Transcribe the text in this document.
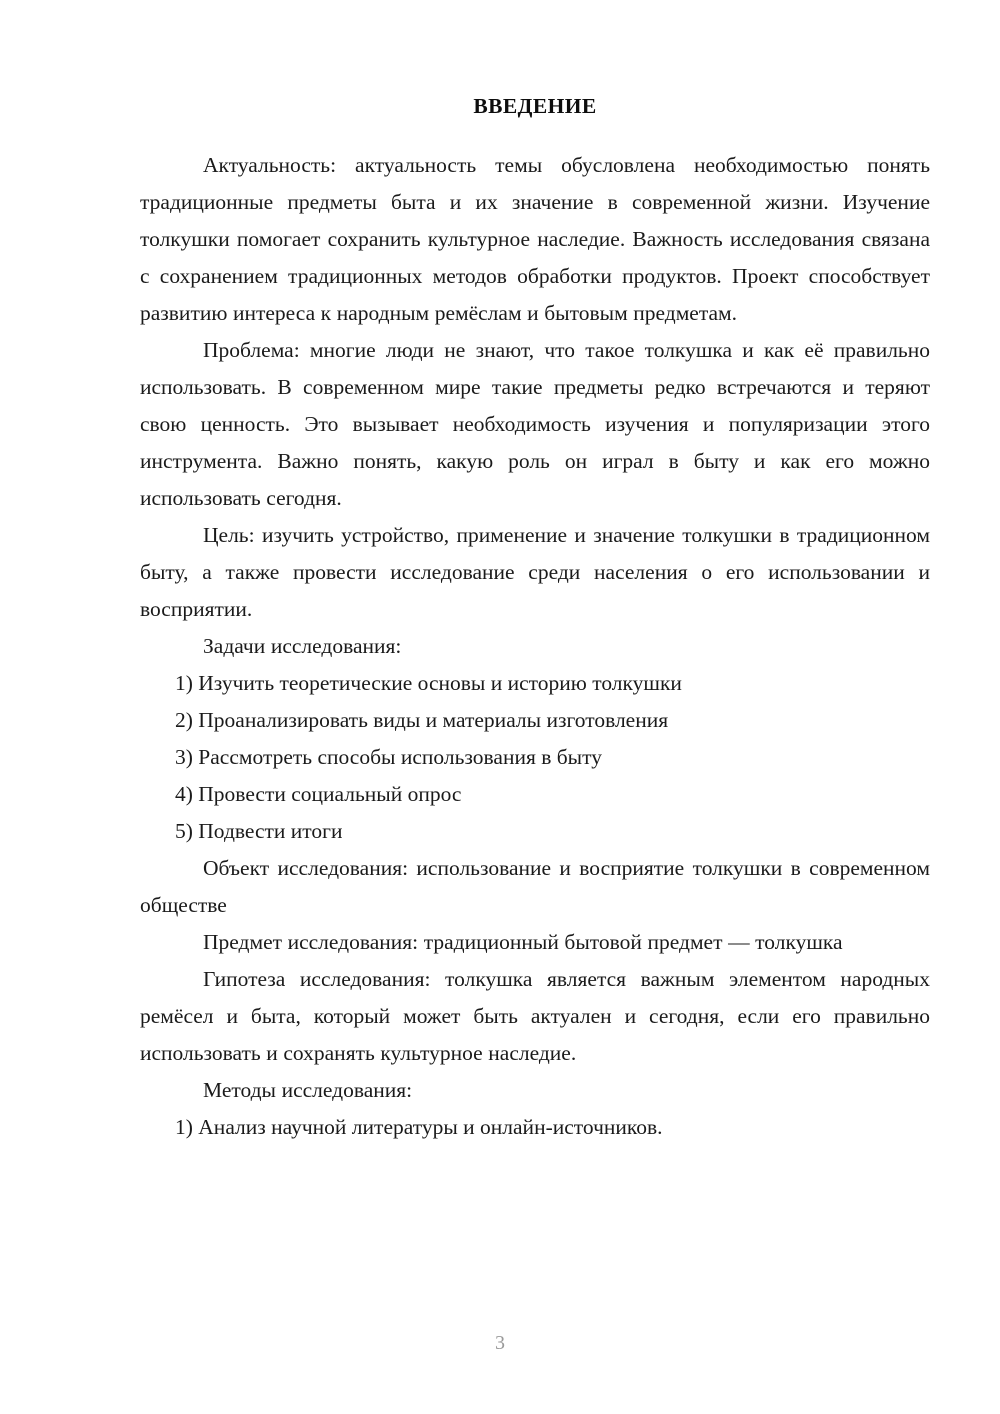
ВВЕДЕНИЕ

Актуальность: актуальность темы обусловлена необходимостью понять традиционные предметы быта и их значение в современной жизни. Изучение толкушки помогает сохранить культурное наследие. Важность исследования связана с сохранением традиционных методов обработки продуктов. Проект способствует развитию интереса к народным ремёслам и бытовым предметам.

Проблема: многие люди не знают, что такое толкушка и как её правильно использовать. В современном мире такие предметы редко встречаются и теряют свою ценность. Это вызывает необходимость изучения и популяризации этого инструмента. Важно понять, какую роль он играл в быту и как его можно использовать сегодня.

Цель: изучить устройство, применение и значение толкушки в традиционном быту, а также провести исследование среди населения о его использовании и восприятии.

Задачи исследования:

1) Изучить теоретические основы и историю толкушки

2) Проанализировать виды и материалы изготовления

3) Рассмотреть способы использования в быту

4) Провести социальный опрос

5) Подвести итоги

Объект исследования: использование и восприятие толкушки в современном обществе

Предмет исследования: традиционный бытовой предмет — толкушка

Гипотеза исследования: толкушка является важным элементом народных ремёсел и быта, который может быть актуален и сегодня, если его правильно использовать и сохранять культурное наследие.

Методы исследования:

1) Анализ научной литературы и онлайн-источников.

3
